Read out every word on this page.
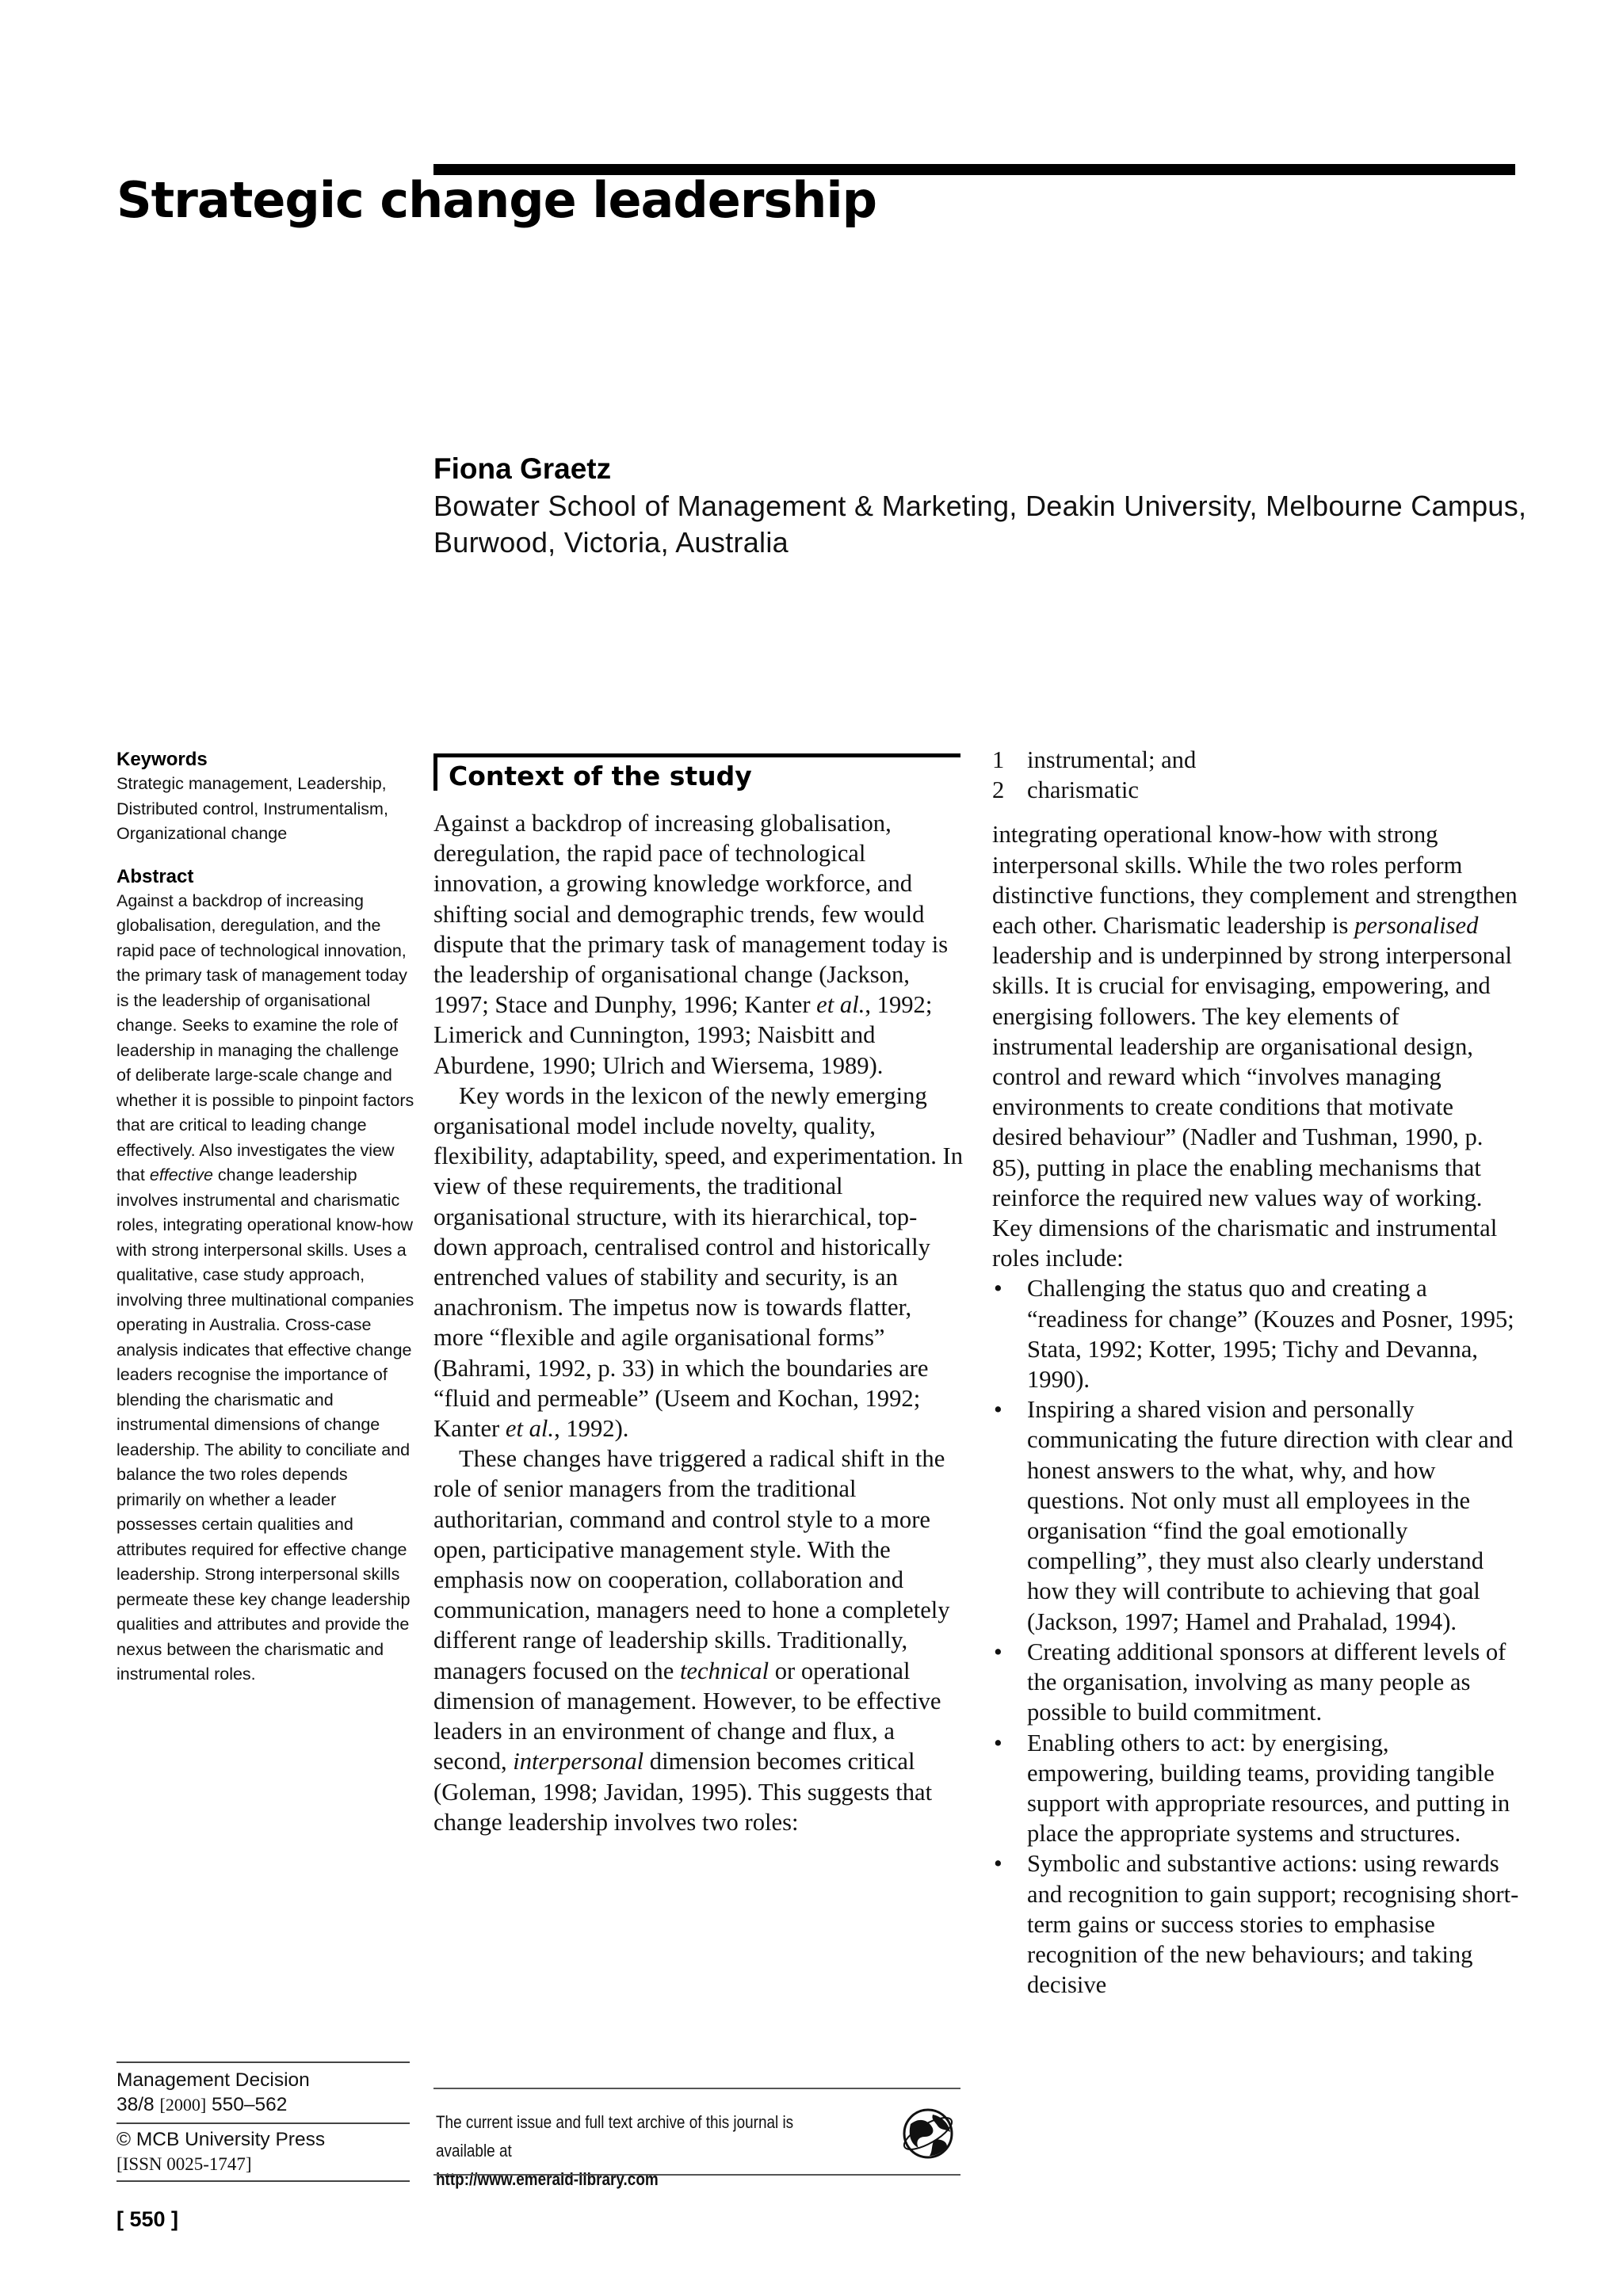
Strategic change leadership
Fiona Graetz
Bowater School of Management & Marketing, Deakin University, Melbourne Campus, Burwood, Victoria, Australia
Keywords
Strategic management, Leadership, Distributed control, Instrumentalism, Organizational change
Abstract
Against a backdrop of increasing globalisation, deregulation, and the rapid pace of technological innovation, the primary task of management today is the leadership of organisational change. Seeks to examine the role of leadership in managing the challenge of deliberate large-scale change and whether it is possible to pinpoint factors that are critical to leading change effectively. Also investigates the view that effective change leadership involves instrumental and charismatic roles, integrating operational know-how with strong interpersonal skills. Uses a qualitative, case study approach, involving three multinational companies operating in Australia. Cross-case analysis indicates that effective change leaders recognise the importance of blending the charismatic and instrumental dimensions of change leadership. The ability to conciliate and balance the two roles depends primarily on whether a leader possesses certain qualities and attributes required for effective change leadership. Strong interpersonal skills permeate these key change leadership qualities and attributes and provide the nexus between the charismatic and instrumental roles.
Management Decision
38/8 [2000] 550–562
© MCB University Press
[ISSN 0025-1747]
[ 550 ]
Context of the study

Against a backdrop of increasing globalisation, deregulation, the rapid pace of technological innovation, a growing knowledge workforce, and shifting social and demographic trends, few would dispute that the primary task of management today is the leadership of organisational change (Jackson, 1997; Stace and Dunphy, 1996; Kanter et al., 1992; Limerick and Cunnington, 1993; Naisbitt and Aburdene, 1990; Ulrich and Wiersema, 1989).

Key words in the lexicon of the newly emerging organisational model include novelty, quality, flexibility, adaptability, speed, and experimentation. In view of these requirements, the traditional organisational structure, with its hierarchical, top-down approach, centralised control and historically entrenched values of stability and security, is an anachronism. The impetus now is towards flatter, more “flexible and agile organisational forms” (Bahrami, 1992, p. 33) in which the boundaries are “fluid and permeable” (Useem and Kochan, 1992; Kanter et al., 1992).

These changes have triggered a radical shift in the role of senior managers from the traditional authoritarian, command and control style to a more open, participative management style. With the emphasis now on cooperation, collaboration and communication, managers need to hone a completely different range of leadership skills. Traditionally, managers focused on the technical or operational dimension of management. However, to be effective leaders in an environment of change and flux, a second, interpersonal dimension becomes critical (Goleman, 1998; Javidan, 1995). This suggests that change leadership involves two roles:

The current issue and full text archive of this journal is available at
http://www.emerald-library.com
1 instrumental; and
2 charismatic

integrating operational know-how with strong interpersonal skills. While the two roles perform distinctive functions, they complement and strengthen each other. Charismatic leadership is personalised leadership and is underpinned by strong interpersonal skills. It is crucial for envisaging, empowering, and energising followers. The key elements of instrumental leadership are organisational design, control and reward which “involves managing environments to create conditions that motivate desired behaviour” (Nadler and Tushman, 1990, p. 85), putting in place the enabling mechanisms that reinforce the required new values way of working. Key dimensions of the charismatic and instrumental roles include:

• Challenging the status quo and creating a “readiness for change” (Kouzes and Posner, 1995; Stata, 1992; Kotter, 1995; Tichy and Devanna, 1990).
• Inspiring a shared vision and personally communicating the future direction with clear and honest answers to the what, why, and how questions. Not only must all employees in the organisation “find the goal emotionally compelling”, they must also clearly understand how they will contribute to achieving that goal (Jackson, 1997; Hamel and Prahalad, 1994).
• Creating additional sponsors at different levels of the organisation, involving as many people as possible to build commitment.
• Enabling others to act: by energising, empowering, building teams, providing tangible support with appropriate resources, and putting in place the appropriate systems and structures.
• Symbolic and substantive actions: using rewards and recognition to gain support; recognising short-term gains or success stories to emphasise recognition of the new behaviours; and taking decisive
